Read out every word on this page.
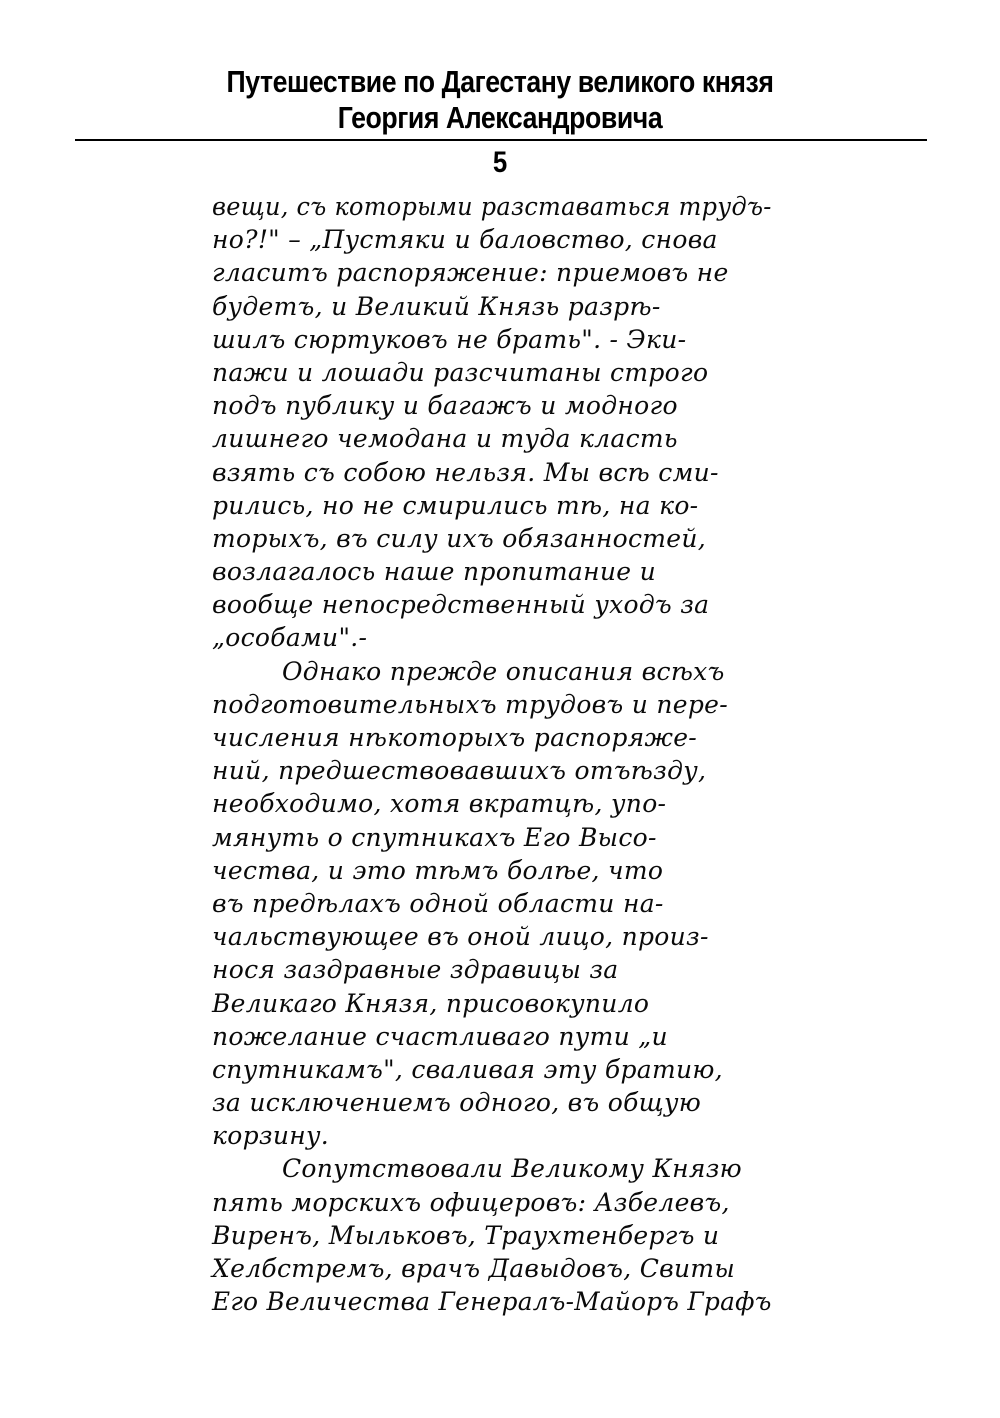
Путешествие по Дагестану великого князя
Георгия Александровича
5
вещи, съ которыми разставаться трудъ-
но?!" – „Пустяки и баловство, снова
гласитъ распоряжение: приемовъ не
будетъ, и Великий Князь разрѣ-
шилъ сюртуковъ не брать". - Эки-
пажи и лошади разсчитаны строго
подъ публику и багажъ и модного
лишнего чемодана и туда класть
взять съ собою нельзя. Мы всѣ сми-
рились, но не смирились тѣ, на ко-
торыхъ, въ силу ихъ обязанностей,
возлагалось наше пропитание и
вообще непосредственный уходъ за
„особами".-
Однако прежде описания всѣхъ
подготовительныхъ трудовъ и пере-
числения нѣкоторыхъ распоряже-
ний, предшествовавшихъ отъѣзду,
необходимо, хотя вкратцѣ, упо-
мянуть о спутникахъ Его Высо-
чества, и это тѣмъ болѣе, что
въ предѣлахъ одной области на-
чальствующее въ оной лицо, произ-
нося заздравные здравицы за
Великаго Князя, присовокупило
пожелание счастливаго пути „и
спутникамъ", сваливая эту братию,
за исключениемъ одного, въ общую
корзину.
Сопутствовали Великому Князю
пять морскихъ офицеровъ: Азбелевъ,
Виренъ, Мыльковъ, Траухтенбергъ и
Хелбстремъ, врачъ Давыдовъ, Свиты
Его Величества Генералъ-Майоръ Графъ
